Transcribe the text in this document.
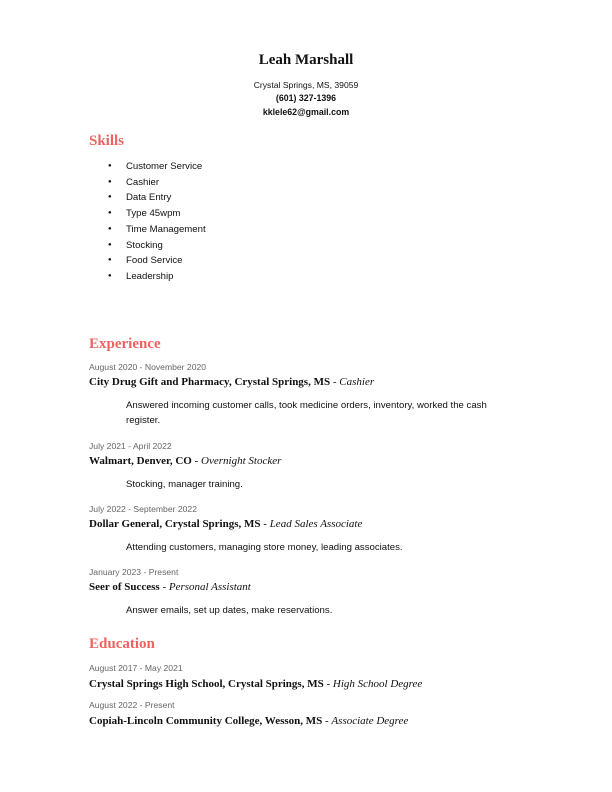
Leah Marshall
Crystal Springs, MS, 39059
(601) 327-1396
kklele62@gmail.com
Skills
● Customer Service
● Cashier
● Data Entry
● Type 45wpm
● Time Management
● Stocking
● Food Service
● Leadership
Experience
August 2020 - November 2020
City Drug Gift and Pharmacy, Crystal Springs, MS - Cashier
Answered incoming customer calls, took medicine orders, inventory, worked the cash register.
July 2021 - April 2022
Walmart, Denver, CO - Overnight Stocker
Stocking, manager training.
July 2022 - September 2022
Dollar General, Crystal Springs, MS - Lead Sales Associate
Attending customers, managing store money, leading associates.
January 2023 - Present
Seer of Success - Personal Assistant
Answer emails, set up dates, make reservations.
Education
August 2017 - May 2021
Crystal Springs High School, Crystal Springs, MS - High School Degree
August 2022 - Present
Copiah-Lincoln Community College, Wesson, MS - Associate Degree
